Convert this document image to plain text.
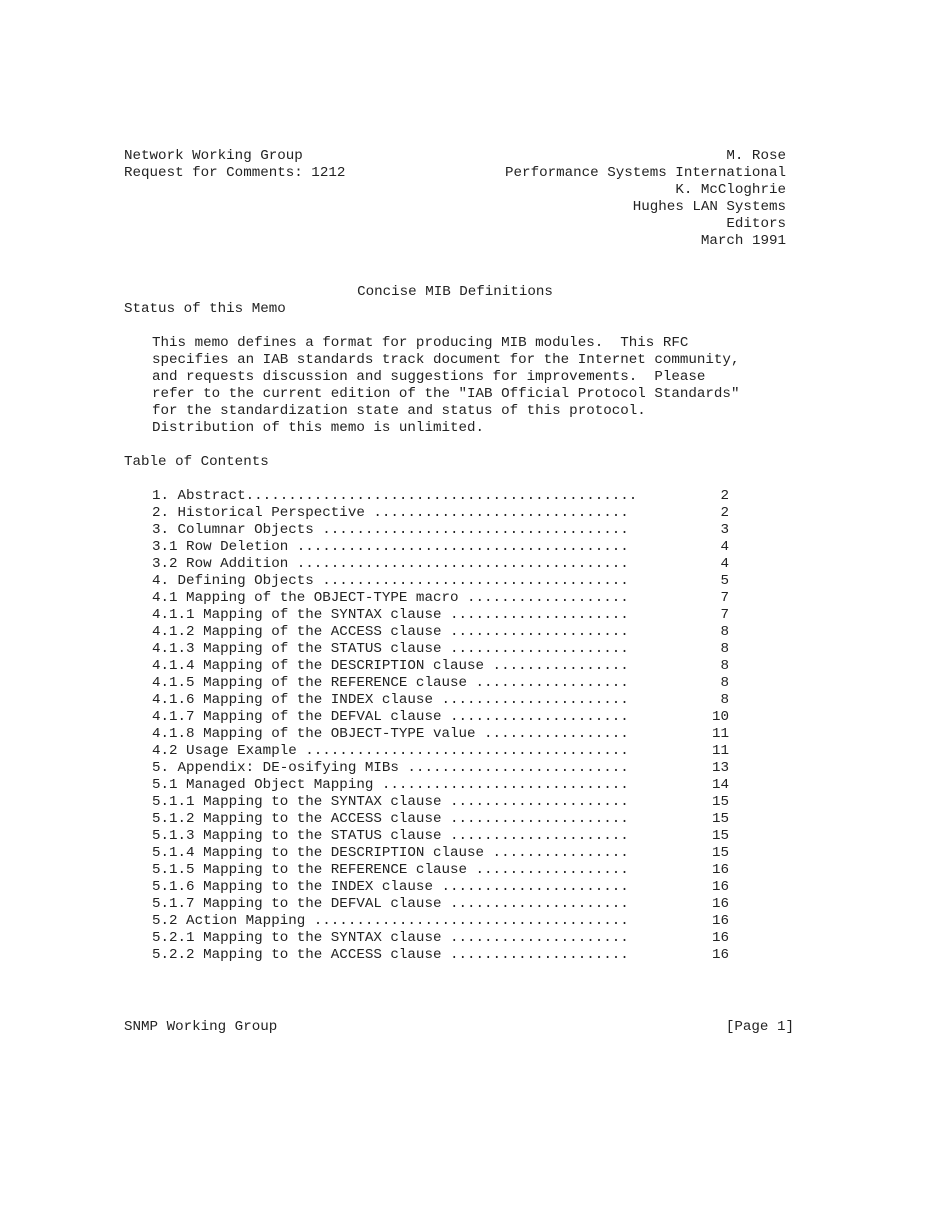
Network Working Group	M. Rose
Request for Comments: 1212	Performance Systems International
K. McCloghrie
Hughes LAN Systems
Editors
March 1991
Concise MIB Definitions
Status of this Memo
This memo defines a format for producing MIB modules.  This RFC
specifies an IAB standards track document for the Internet community,
and requests discussion and suggestions for improvements.  Please
refer to the current edition of the "IAB Official Protocol Standards"
for the standardization state and status of this protocol.
Distribution of this memo is unlimited.
Table of Contents
1. Abstract..............................................	2
2. Historical Perspective ..............................	2
3. Columnar Objects ....................................	3
3.1 Row Deletion .......................................	4
3.2 Row Addition .......................................	4
4. Defining Objects ....................................	5
4.1 Mapping of the OBJECT-TYPE macro ...................	7
4.1.1 Mapping of the SYNTAX clause .....................	7
4.1.2 Mapping of the ACCESS clause .....................	8
4.1.3 Mapping of the STATUS clause .....................	8
4.1.4 Mapping of the DESCRIPTION clause ................	8
4.1.5 Mapping of the REFERENCE clause ..................	8
4.1.6 Mapping of the INDEX clause ......................	8
4.1.7 Mapping of the DEFVAL clause .....................	10
4.1.8 Mapping of the OBJECT-TYPE value .................	11
4.2 Usage Example ......................................	11
5. Appendix: DE-osifying MIBs ..........................	13
5.1 Managed Object Mapping .............................	14
5.1.1 Mapping to the SYNTAX clause .....................	15
5.1.2 Mapping to the ACCESS clause .....................	15
5.1.3 Mapping to the STATUS clause .....................	15
5.1.4 Mapping to the DESCRIPTION clause ................	15
5.1.5 Mapping to the REFERENCE clause ..................	16
5.1.6 Mapping to the INDEX clause ......................	16
5.1.7 Mapping to the DEFVAL clause .....................	16
5.2 Action Mapping .....................................	16
5.2.1 Mapping to the SYNTAX clause .....................	16
5.2.2 Mapping to the ACCESS clause .....................	16
SNMP Working Group	[Page 1]
